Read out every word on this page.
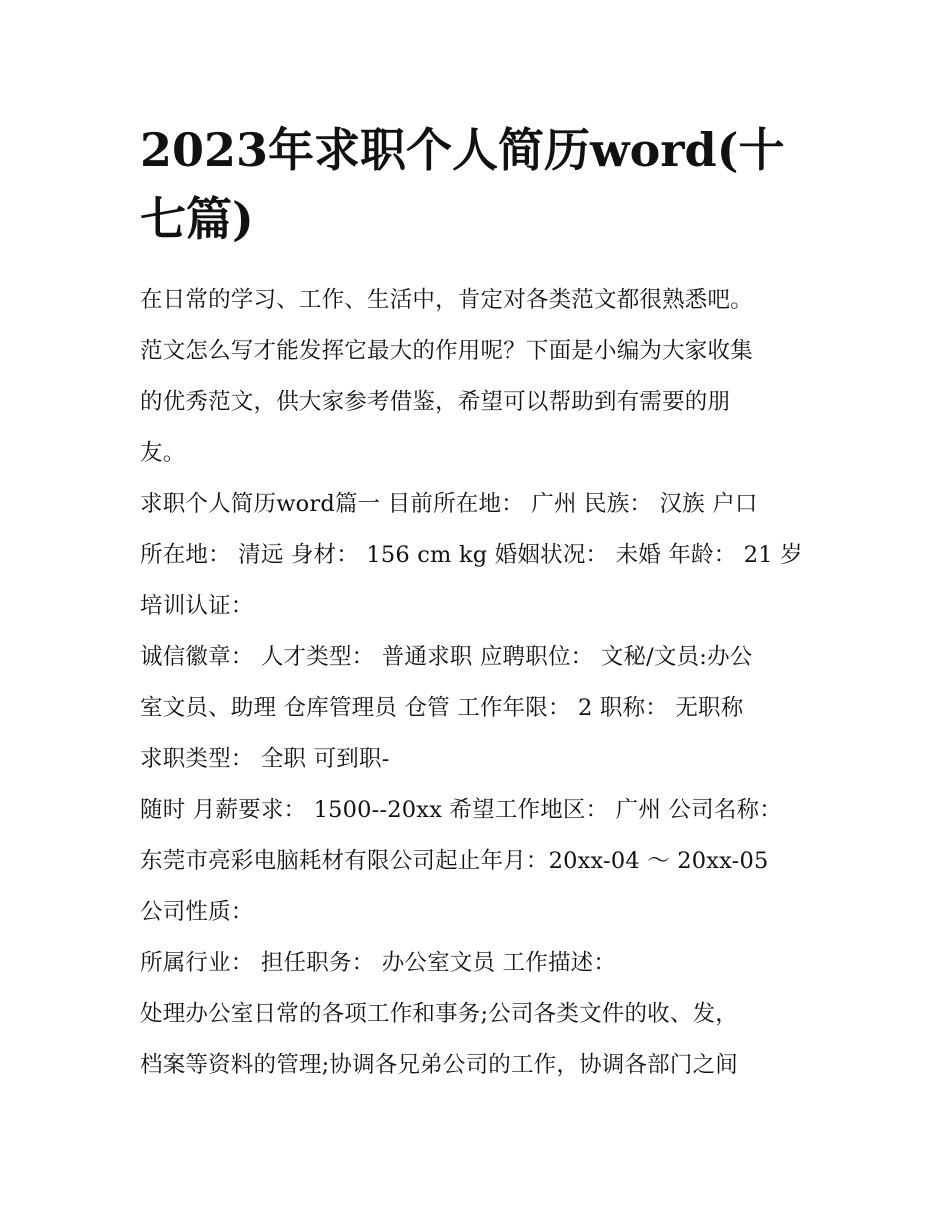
2023年求职个人简历word(十
七篇)

在日常的学习、工作、生活中，肯定对各类范文都很熟悉吧。
范文怎么写才能发挥它最大的作用呢？下面是小编为大家收集
的优秀范文，供大家参考借鉴，希望可以帮助到有需要的朋
友。

求职个人简历word篇一 目前所在地： 广州 民族： 汉族 户口
所在地： 清远 身材： 156 cm kg 婚姻状况： 未婚 年龄： 21 岁
培训认证：

诚信徽章： 人才类型： 普通求职 应聘职位： 文秘/文员:办公
室文员、助理 仓库管理员 仓管 工作年限： 2 职称： 无职称
求职类型： 全职 可到职-

随时 月薪要求： 1500--20xx 希望工作地区： 广州 公司名称：
东莞市亮彩电脑耗材有限公司起止年月：20xx-04 ～ 20xx-05
公司性质：

所属行业： 担任职务： 办公室文员 工作描述：

处理办公室日常的各项工作和事务;公司各类文件的收、发，
档案等资料的管理;协调各兄弟公司的工作，协调各部门之间
